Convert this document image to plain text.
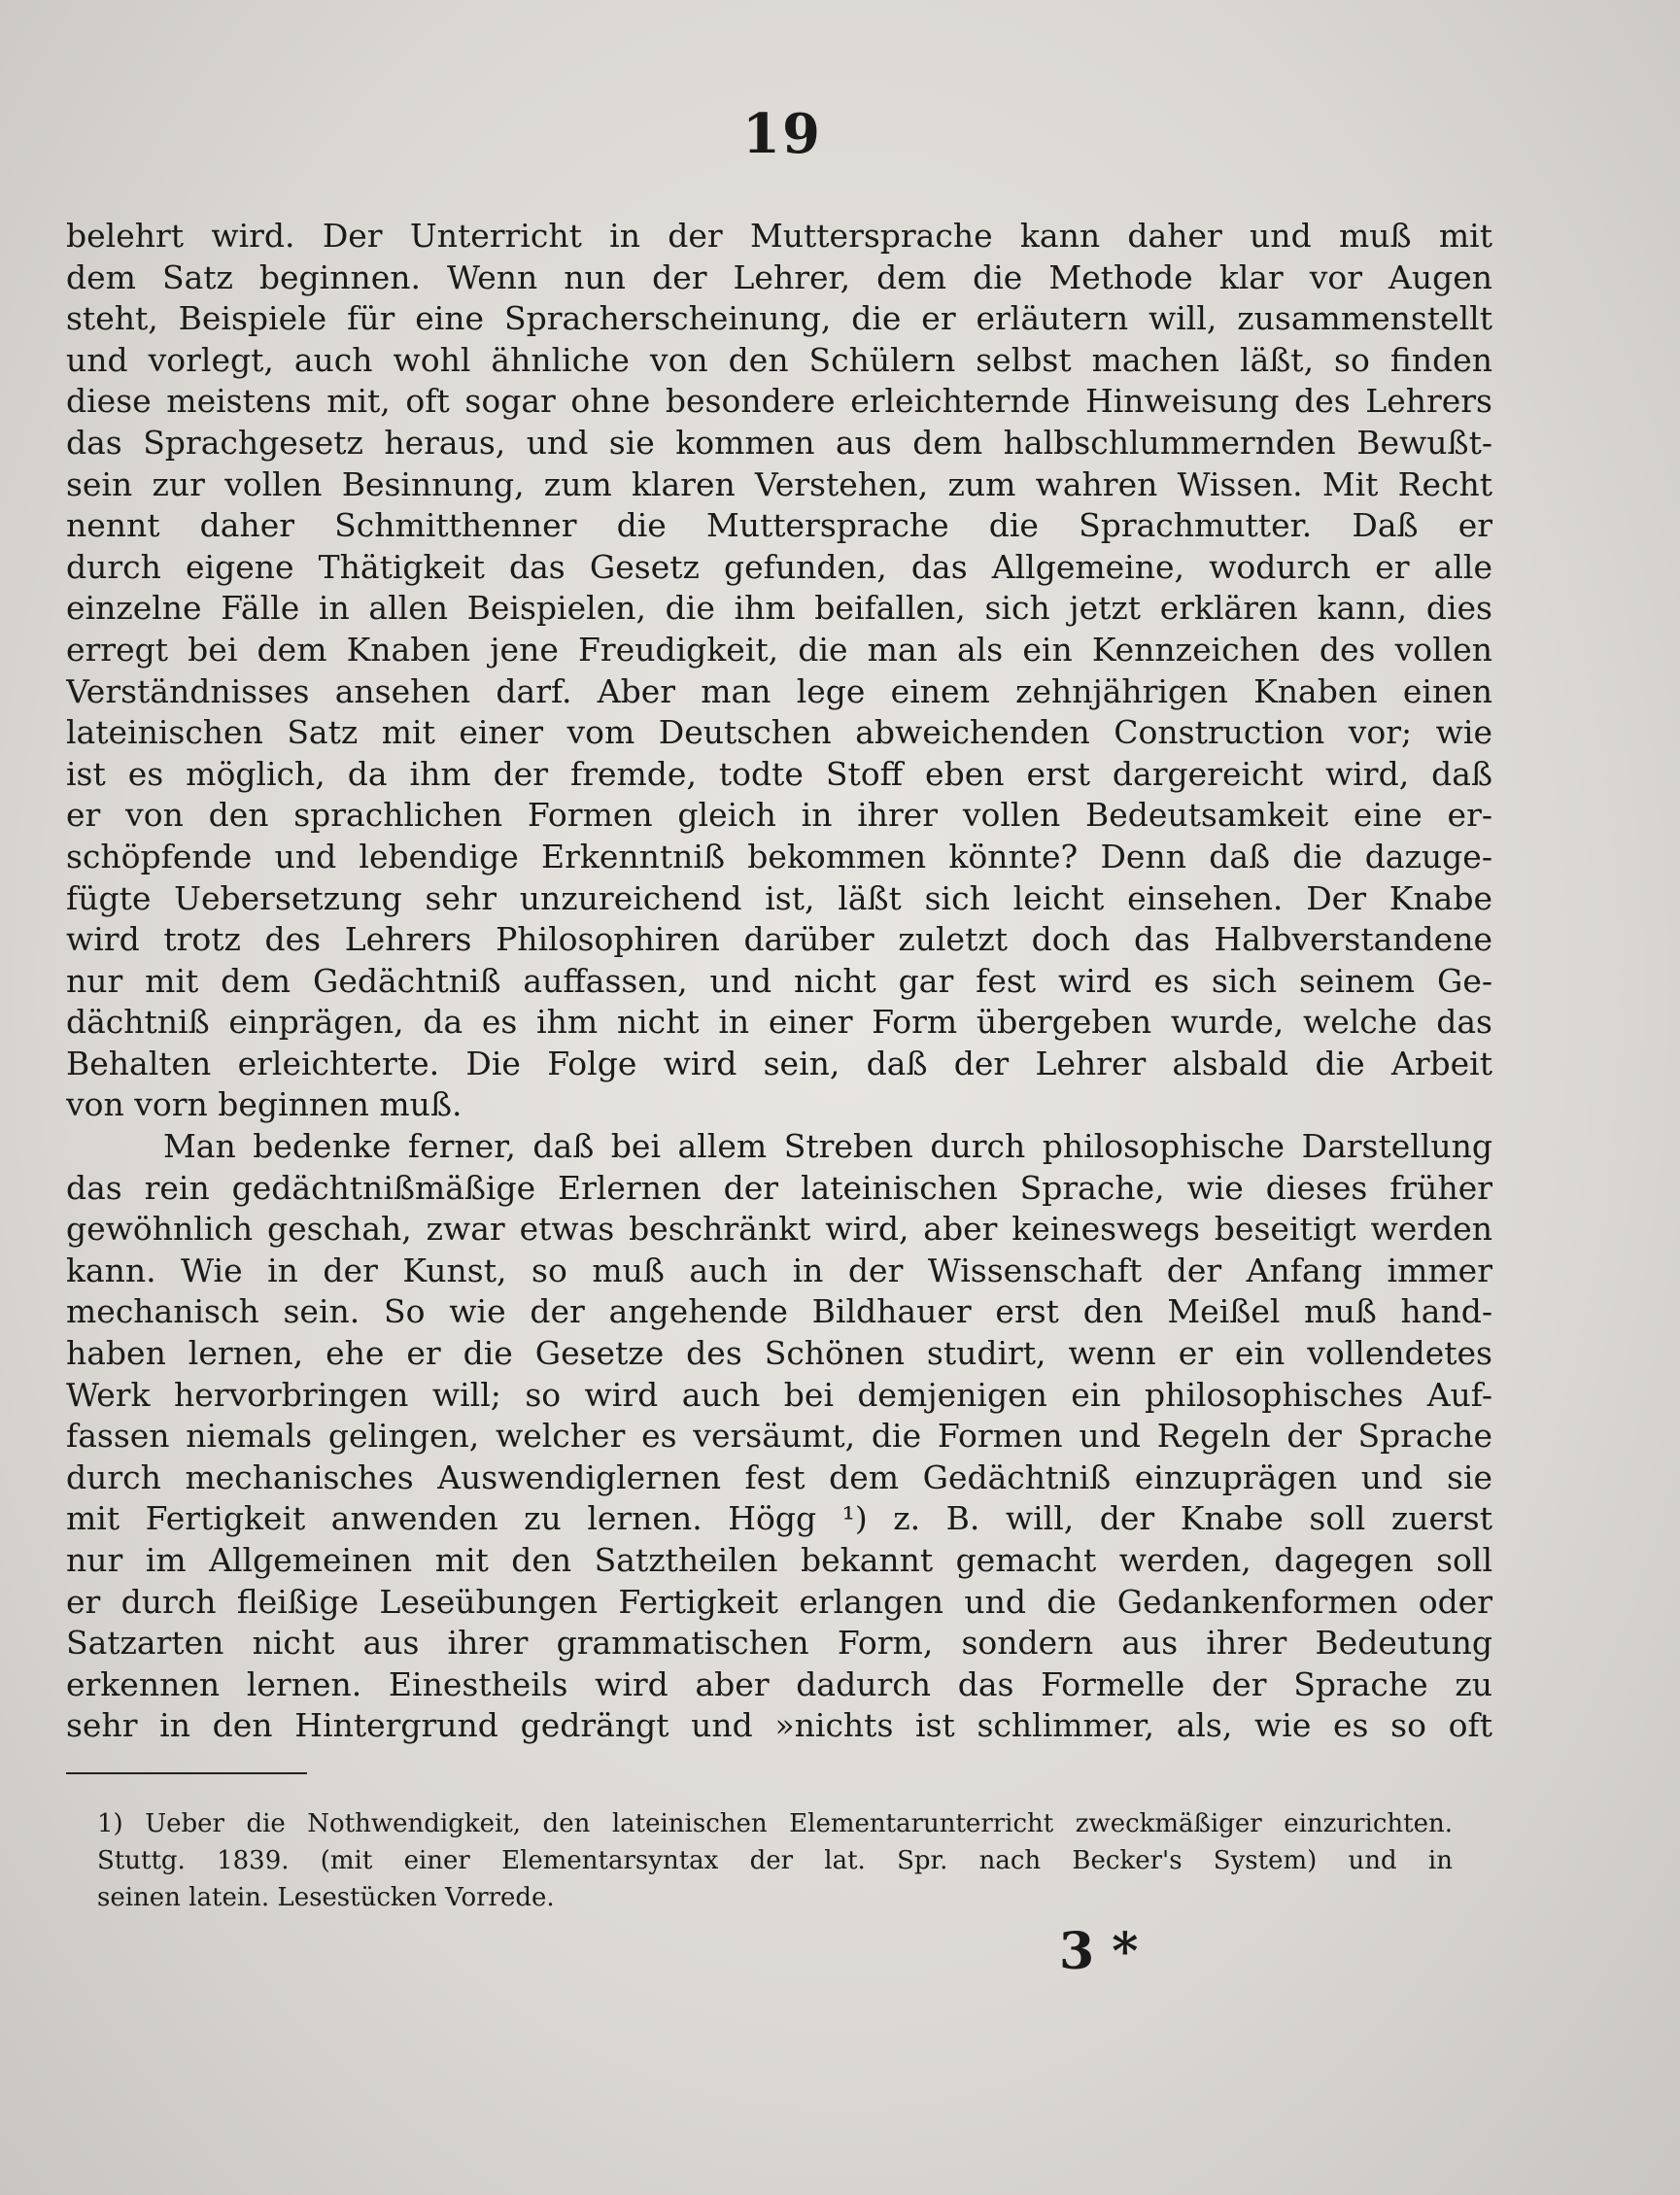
19
belehrt wird. Der Unterricht in der Muttersprache kann daher und muß mit
dem Satz beginnen. Wenn nun der Lehrer, dem die Methode klar vor Augen
steht, Beispiele für eine Spracherscheinung, die er erläutern will, zusammenstellt
und vorlegt, auch wohl ähnliche von den Schülern selbst machen läßt, so finden
diese meistens mit, oft sogar ohne besondere erleichternde Hinweisung des Lehrers
das Sprachgesetz heraus, und sie kommen aus dem halbschlummernden Bewußt-
sein zur vollen Besinnung, zum klaren Verstehen, zum wahren Wissen. Mit Recht
nennt daher Schmitthenner die Muttersprache die Sprachmutter. Daß er
durch eigene Thätigkeit das Gesetz gefunden, das Allgemeine, wodurch er alle
einzelne Fälle in allen Beispielen, die ihm beifallen, sich jetzt erklären kann, dies
erregt bei dem Knaben jene Freudigkeit, die man als ein Kennzeichen des vollen
Verständnisses ansehen darf. Aber man lege einem zehnjährigen Knaben einen
lateinischen Satz mit einer vom Deutschen abweichenden Construction vor; wie
ist es möglich, da ihm der fremde, todte Stoff eben erst dargereicht wird, daß
er von den sprachlichen Formen gleich in ihrer vollen Bedeutsamkeit eine er-
schöpfende und lebendige Erkenntniß bekommen könnte? Denn daß die dazuge-
fügte Uebersetzung sehr unzureichend ist, läßt sich leicht einsehen. Der Knabe
wird trotz des Lehrers Philosophiren darüber zuletzt doch das Halbverstandene
nur mit dem Gedächtniß auffassen, und nicht gar fest wird es sich seinem Ge-
dächtniß einprägen, da es ihm nicht in einer Form übergeben wurde, welche das
Behalten erleichterte. Die Folge wird sein, daß der Lehrer alsbald die Arbeit
von vorn beginnen muß.
Man bedenke ferner, daß bei allem Streben durch philosophische Darstellung
das rein gedächtnißmäßige Erlernen der lateinischen Sprache, wie dieses früher
gewöhnlich geschah, zwar etwas beschränkt wird, aber keineswegs beseitigt werden
kann. Wie in der Kunst, so muß auch in der Wissenschaft der Anfang immer
mechanisch sein. So wie der angehende Bildhauer erst den Meißel muß hand-
haben lernen, ehe er die Gesetze des Schönen studirt, wenn er ein vollendetes
Werk hervorbringen will; so wird auch bei demjenigen ein philosophisches Auf-
fassen niemals gelingen, welcher es versäumt, die Formen und Regeln der Sprache
durch mechanisches Auswendiglernen fest dem Gedächtniß einzuprägen und sie
mit Fertigkeit anwenden zu lernen. Högg ¹) z. B. will, der Knabe soll zuerst
nur im Allgemeinen mit den Satztheilen bekannt gemacht werden, dagegen soll
er durch fleißige Leseübungen Fertigkeit erlangen und die Gedankenformen oder
Satzarten nicht aus ihrer grammatischen Form, sondern aus ihrer Bedeutung
erkennen lernen. Einestheils wird aber dadurch das Formelle der Sprache zu
sehr in den Hintergrund gedrängt und »nichts ist schlimmer, als, wie es so oft
1) Ueber die Nothwendigkeit, den lateinischen Elementarunterricht zweckmäßiger einzurichten.
Stuttg. 1839. (mit einer Elementarsyntax der lat. Spr. nach Becker's System) und in
seinen latein. Lesestücken Vorrede.
3 *
